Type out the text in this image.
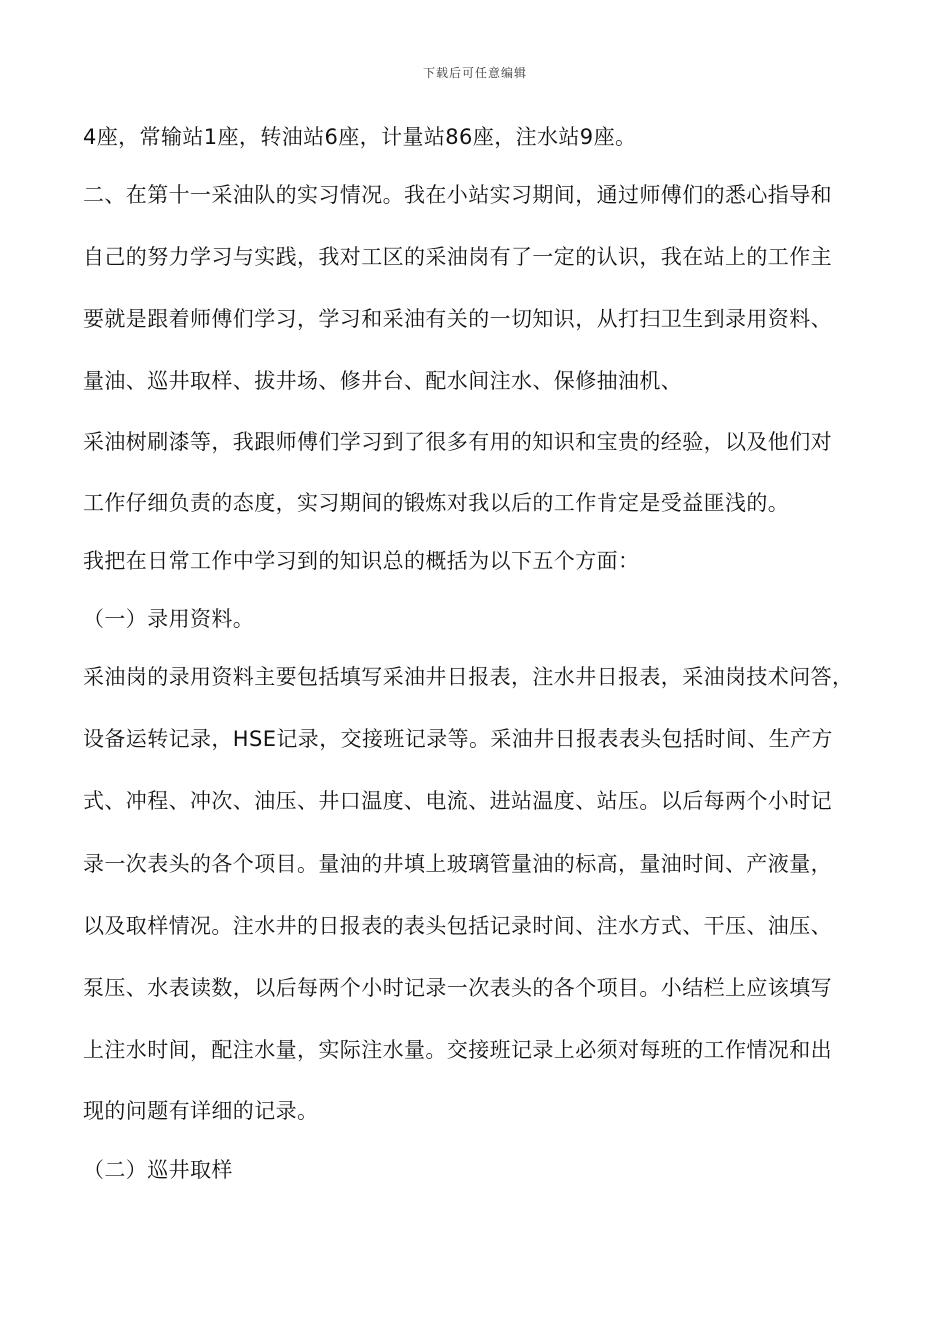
下载后可任意编辑
4座，常输站1座，转油站6座，计量站86座，注水站9座。
二、在第十一采油队的实习情况。我在小站实习期间，通过师傅们的悉心指导和
自己的努力学习与实践，我对工区的采油岗有了一定的认识，我在站上的工作主
要就是跟着师傅们学习，学习和采油有关的一切知识，从打扫卫生到录用资料、
量油、巡井取样、拔井场、修井台、配水间注水、保修抽油机、
采油树刷漆等，我跟师傅们学习到了很多有用的知识和宝贵的经验，以及他们对
工作仔细负责的态度，实习期间的锻炼对我以后的工作肯定是受益匪浅的。
我把在日常工作中学习到的知识总的概括为以下五个方面：
（一）录用资料。
采油岗的录用资料主要包括填写采油井日报表，注水井日报表，采油岗技术问答，
设备运转记录，HSE记录，交接班记录等。采油井日报表表头包括时间、生产方
式、冲程、冲次、油压、井口温度、电流、进站温度、站压。以后每两个小时记
录一次表头的各个项目。量油的井填上玻璃管量油的标高，量油时间、产液量，
以及取样情况。注水井的日报表的表头包括记录时间、注水方式、干压、油压、
泵压、水表读数，以后每两个小时记录一次表头的各个项目。小结栏上应该填写
上注水时间，配注水量，实际注水量。交接班记录上必须对每班的工作情况和出
现的问题有详细的记录。
（二）巡井取样
